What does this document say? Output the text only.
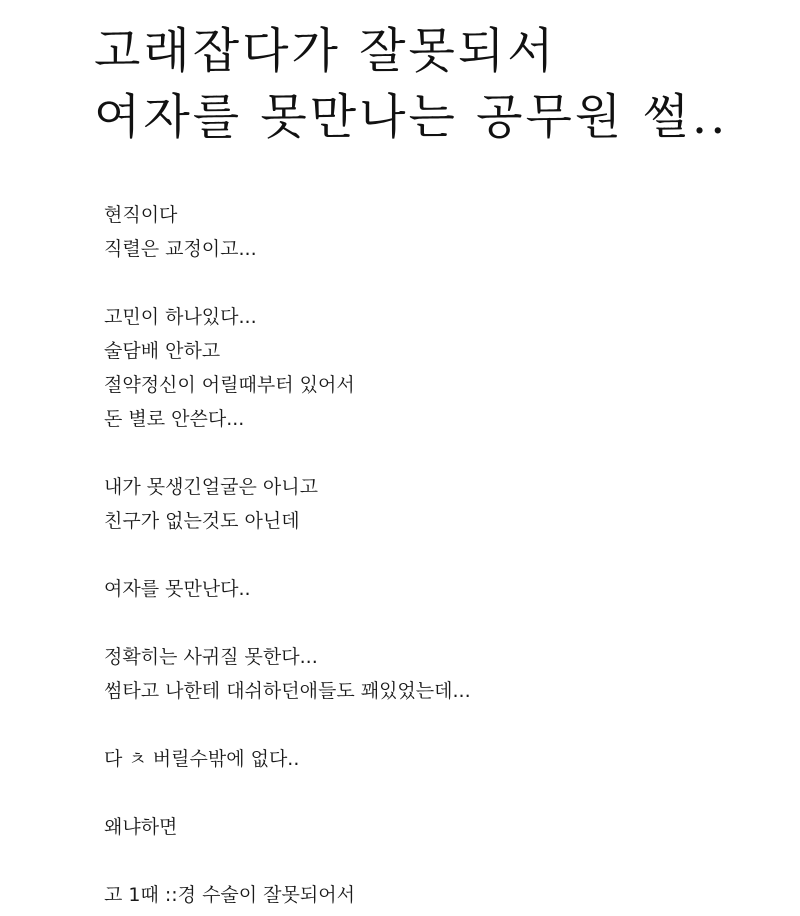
고래잡다가 잘못되서
여자를 못만나는 공무원 썰..
현직이다
직렬은 교정이고...
고민이 하나있다...
술담배 안하고
절약정신이 어릴때부터 있어서
돈 별로 안쓴다...
내가 못생긴얼굴은 아니고
친구가 없는것도 아닌데
여자를 못만난다..
정확히는 사귀질 못한다...
썸타고 나한테 대쉬하던애들도 꽤있었는데...
다 ㅊ 버릴수밖에 없다..
왜냐하면
고 1때 ::경 수술이 잘못되어서
